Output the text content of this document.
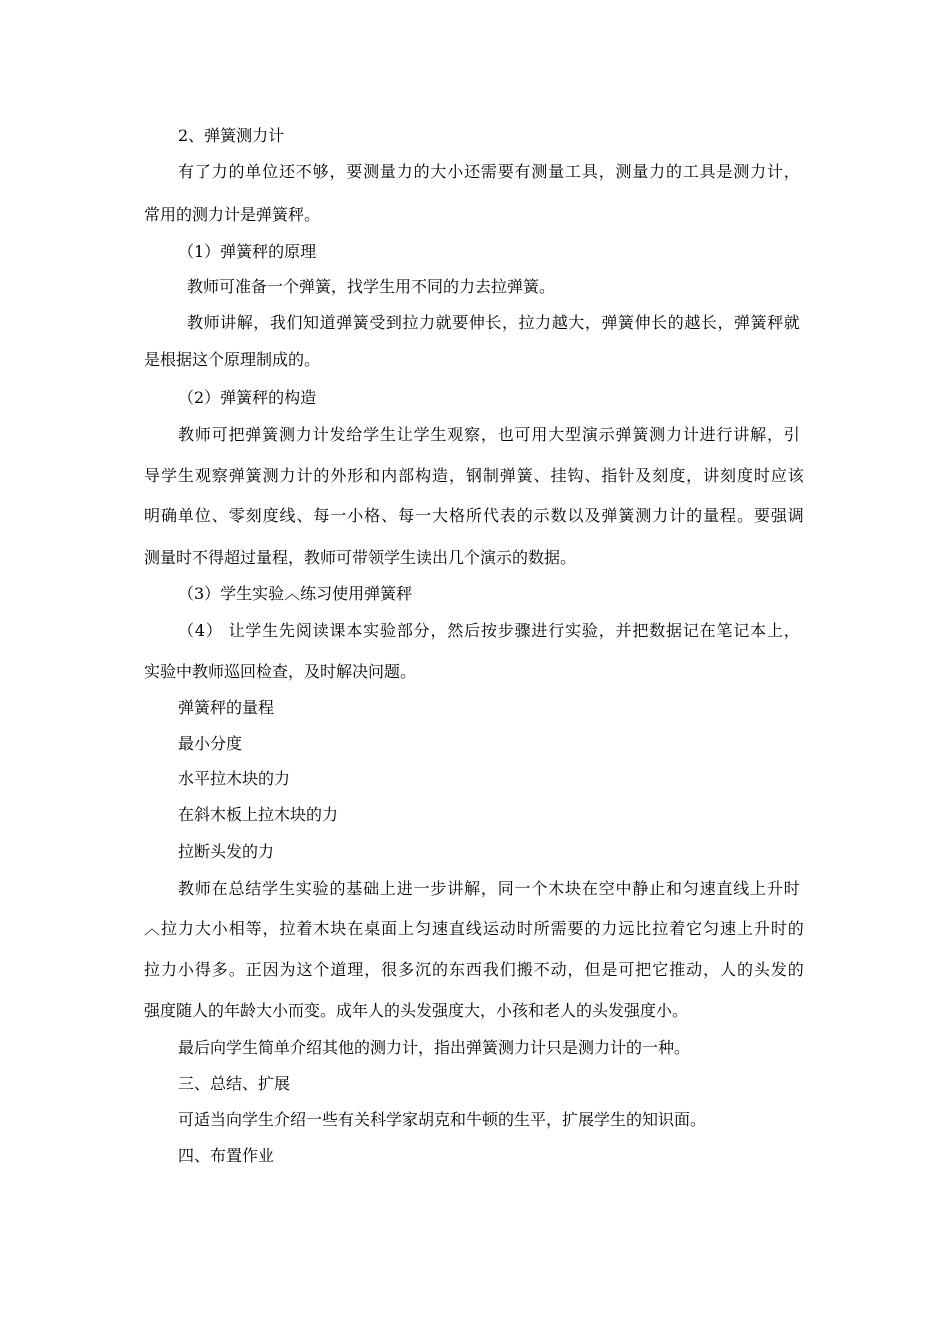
2、弹簧测力计
有了力的单位还不够，要测量力的大小还需要有测量工具，测量力的工具是测力计，
常用的测力计是弹簧秤。
（1）弹簧秤的原理
教师可准备一个弹簧，找学生用不同的力去拉弹簧。
教师讲解，我们知道弹簧受到拉力就要伸长，拉力越大，弹簧伸长的越长，弹簧秤就
是根据这个原理制成的。
（2）弹簧秤的构造
教师可把弹簧测力计发给学生让学生观察，也可用大型演示弹簧测力计进行讲解，引
导学生观察弹簧测力计的外形和内部构造，钢制弹簧、挂钩、指针及刻度，讲刻度时应该
明确单位、零刻度线、每一小格、每一大格所代表的示数以及弹簧测力计的量程。要强调
测量时不得超过量程，教师可带领学生读出几个演示的数据。
（3）学生实验︿练习使用弹簧秤
（4） 让学生先阅读课本实验部分，然后按步骤进行实验，并把数据记在笔记本上，
实验中教师巡回检查，及时解决问题。
弹簧秤的量程
最小分度
水平拉木块的力
在斜木板上拉木块的力
拉断头发的力
教师在总结学生实验的基础上进一步讲解，同一个木块在空中静止和匀速直线上升时
︿拉力大小相等，拉着木块在桌面上匀速直线运动时所需要的力远比拉着它匀速上升时的
拉力小得多。正因为这个道理，很多沉的东西我们搬不动，但是可把它推动，人的头发的
强度随人的年龄大小而变。成年人的头发强度大，小孩和老人的头发强度小。
最后向学生简单介绍其他的测力计，指出弹簧测力计只是测力计的一种。
三、总结、扩展
可适当向学生介绍一些有关科学家胡克和牛顿的生平，扩展学生的知识面。
四、布置作业
